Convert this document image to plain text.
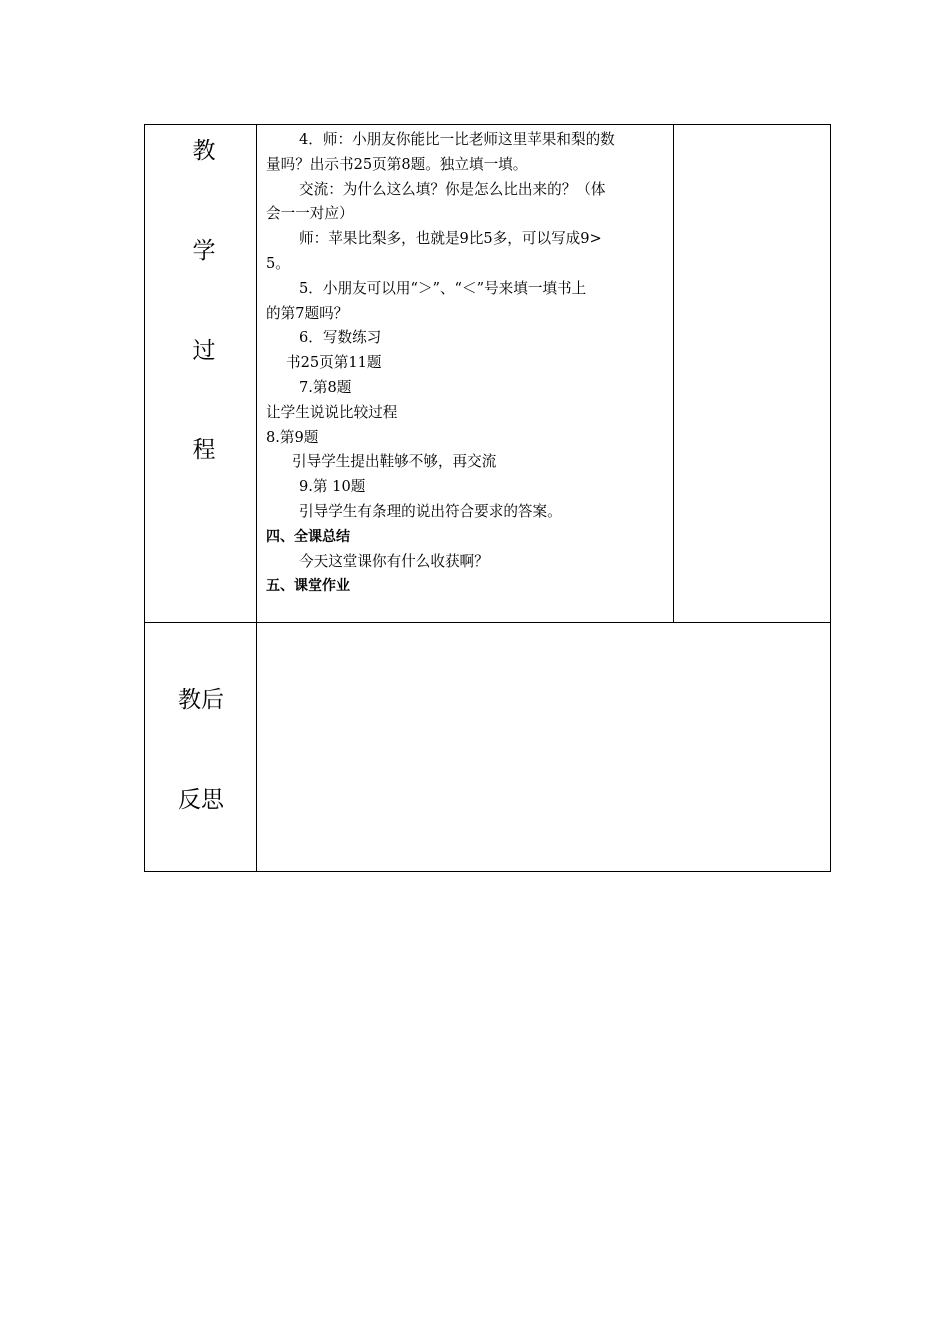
教
学
过
程
教后
反思
4．师：小朋友你能比一比老师这里苹果和梨的数
量吗？出示书25页第8题。独立填一填。
交流：为什么这么填？你是怎么比出来的？（体
会一一对应）
师：苹果比梨多，也就是9比5多，可以写成9>
5。
5．小朋友可以用“＞”、“＜”号来填一填书上
的第7题吗？
6．写数练习
书25页第11题
7.第8题
让学生说说比较过程
8.第9题
引导学生提出鞋够不够，再交流
9.第 10题
引导学生有条理的说出符合要求的答案。
四、全课总结
今天这堂课你有什么收获啊？
五、课堂作业
